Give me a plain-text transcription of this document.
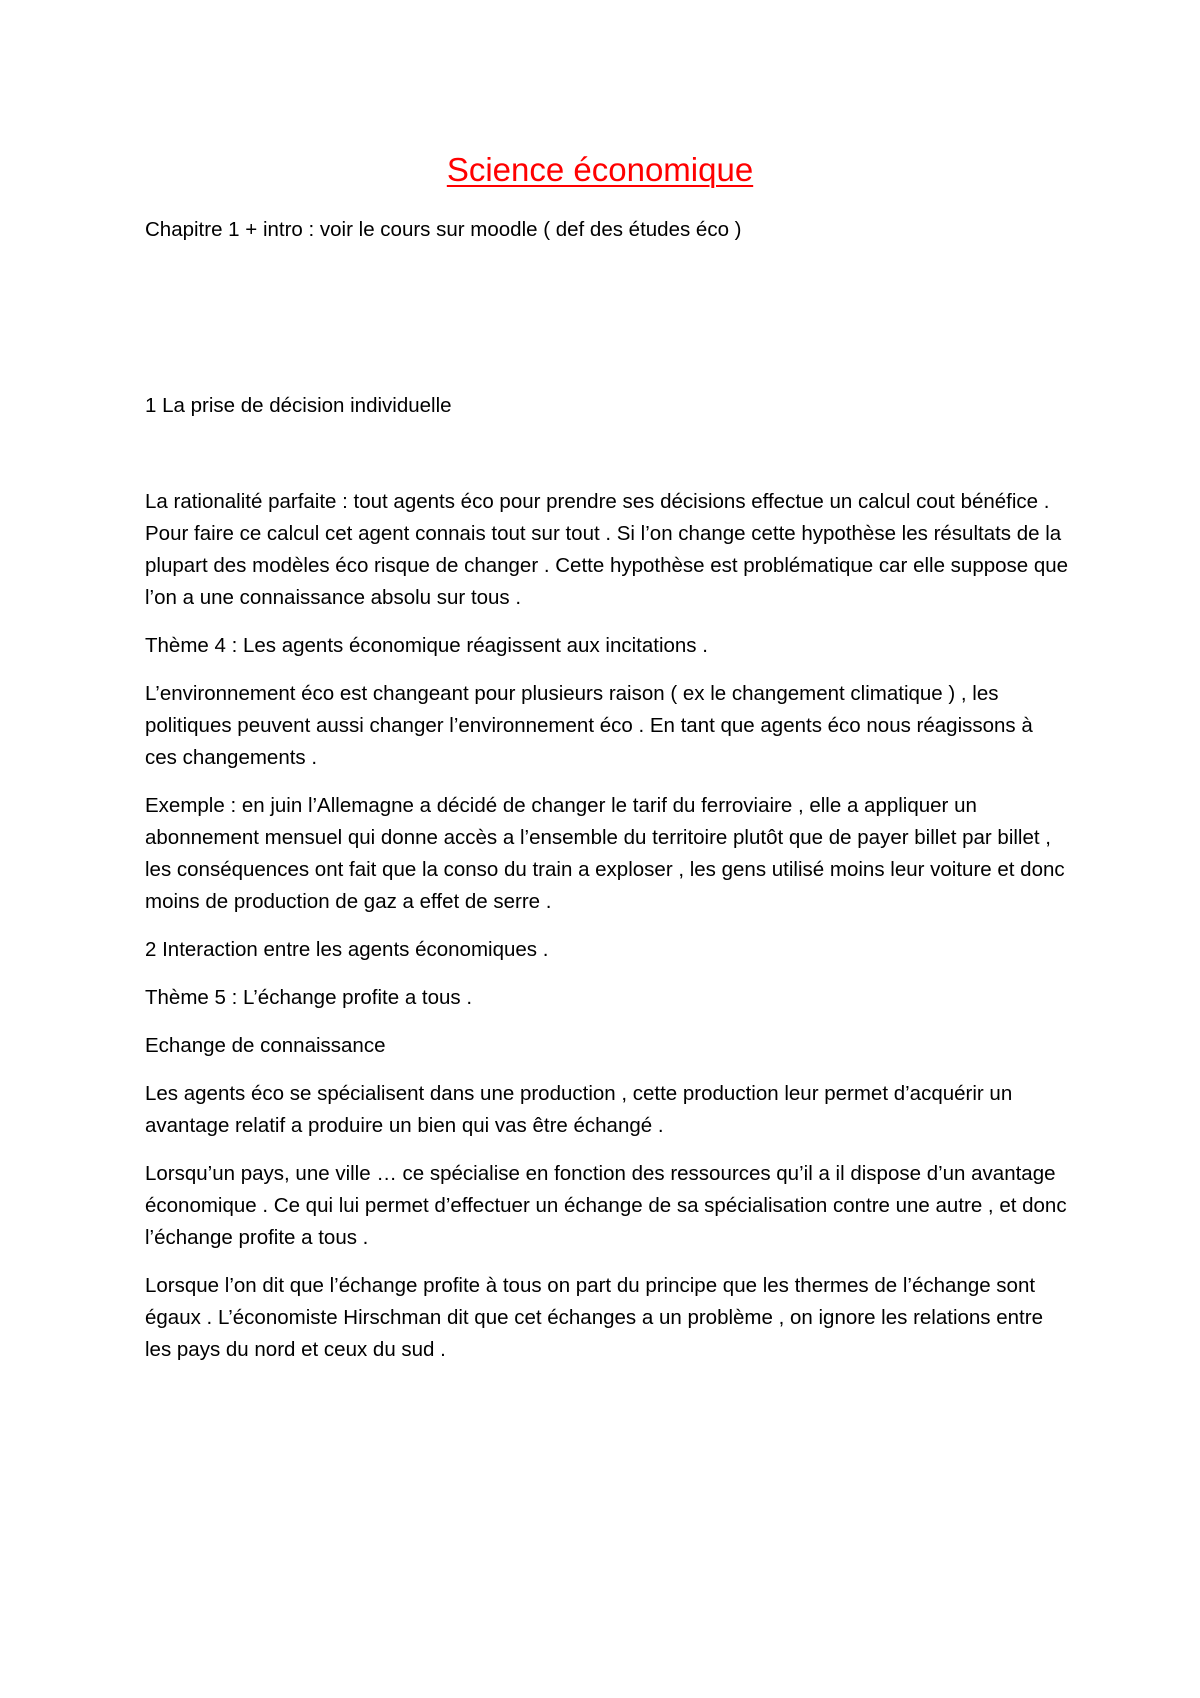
Science économique

Chapitre 1 + intro : voir le cours sur moodle ( def des études éco )

1 La prise de décision individuelle

La rationalité parfaite : tout agents éco pour prendre ses décisions effectue un calcul cout bénéfice . Pour faire ce calcul cet agent connais tout sur tout . Si l’on change cette hypothèse les résultats de la plupart des modèles éco risque de changer . Cette hypothèse est problématique car elle suppose que l’on a une connaissance absolu sur tous .

Thème 4 : Les agents économique réagissent aux incitations .

L’environnement éco est changeant pour plusieurs raison ( ex le changement climatique ) , les politiques peuvent aussi changer l’environnement éco . En tant que agents éco nous réagissons à ces changements .

Exemple : en juin l’Allemagne a décidé de changer le tarif du ferroviaire , elle a appliquer un abonnement mensuel qui donne accès a l’ensemble du territoire plutôt que de payer billet par billet , les conséquences ont fait que la conso du train a exploser , les gens utilisé moins leur voiture et donc moins de production de gaz a effet de serre .

2 Interaction entre les agents économiques .

Thème 5 : L’échange profite a tous .

Echange de connaissance

Les agents éco se spécialisent dans une production , cette production leur permet d’acquérir un avantage relatif a produire un bien qui vas être échangé .

Lorsqu’un pays, une ville … ce spécialise en fonction des ressources qu’il a il dispose d’un avantage économique . Ce qui lui permet d’effectuer un échange de sa spécialisation contre une autre , et donc l’échange profite a tous .

Lorsque l’on dit que l’échange profite à tous on part du principe que les thermes de l’échange sont égaux . L’économiste Hirschman dit que cet échanges a un problème , on ignore les relations entre les pays du nord et ceux du sud .
